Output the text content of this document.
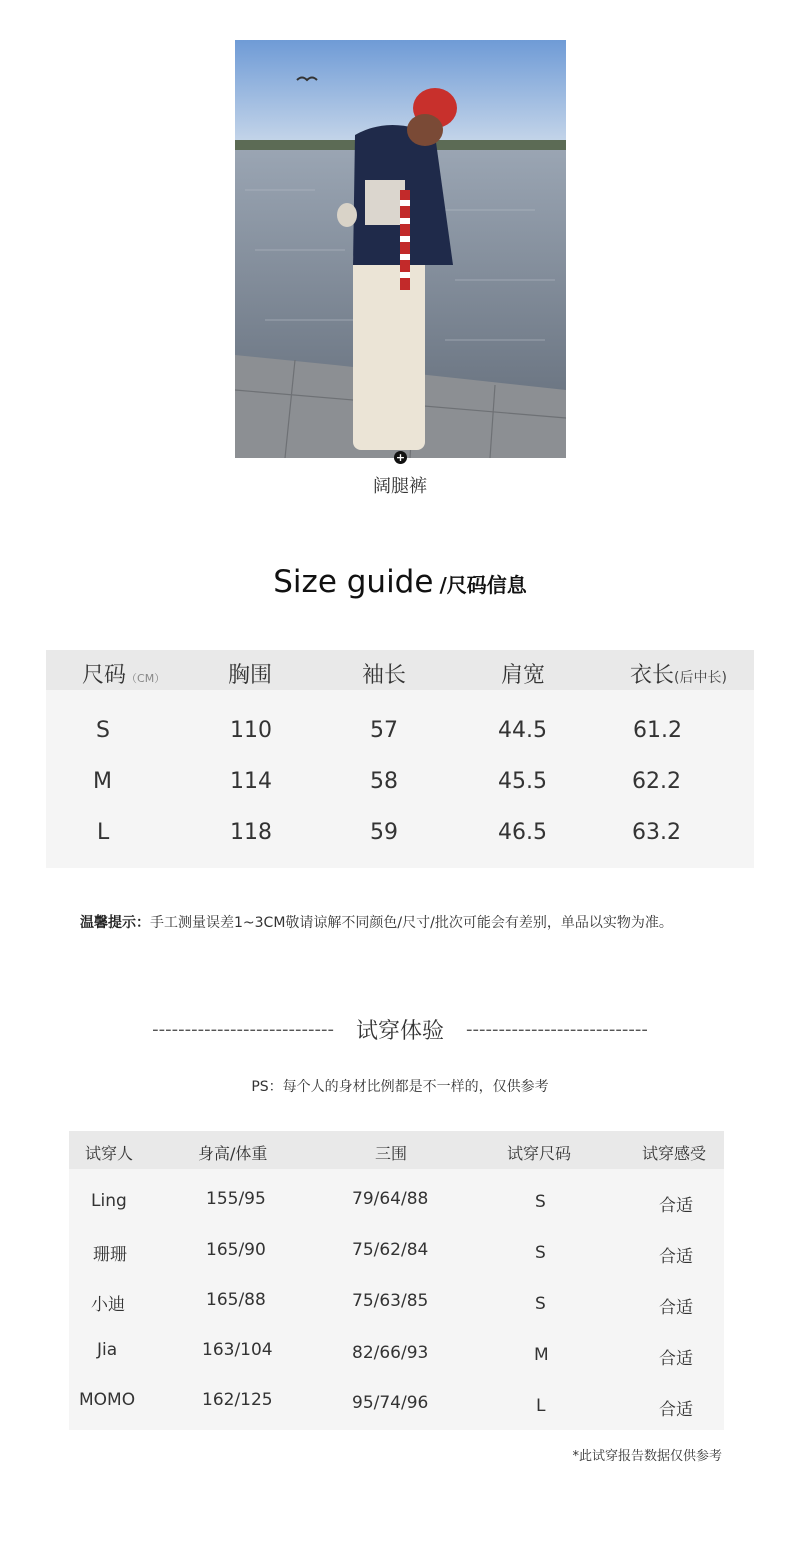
+
阔腿裤
Size guide /尺码信息
尺码（CM）	胸围	袖长	肩宽	衣长(后中长)
S	110	57	44.5	61.2
M	114	58	45.5	62.2
L	118	59	46.5	63.2
温馨提示：手工测量误差1~3CM敬请谅解不同颜色/尺寸/批次可能会有差别，单品以实物为准。
---------------------------- 试穿体验 ----------------------------
PS：每个人的身材比例都是不一样的，仅供参考
试穿人	身高/体重	三围	试穿尺码	试穿感受
Ling	155/95	79/64/88	S	合适
珊珊	165/90	75/62/84	S	合适
小迪	165/88	75/63/85	S	合适
Jia	163/104	82/66/93	M	合适
MOMO	162/125	95/74/96	L	合适
*此试穿报告数据仅供参考
